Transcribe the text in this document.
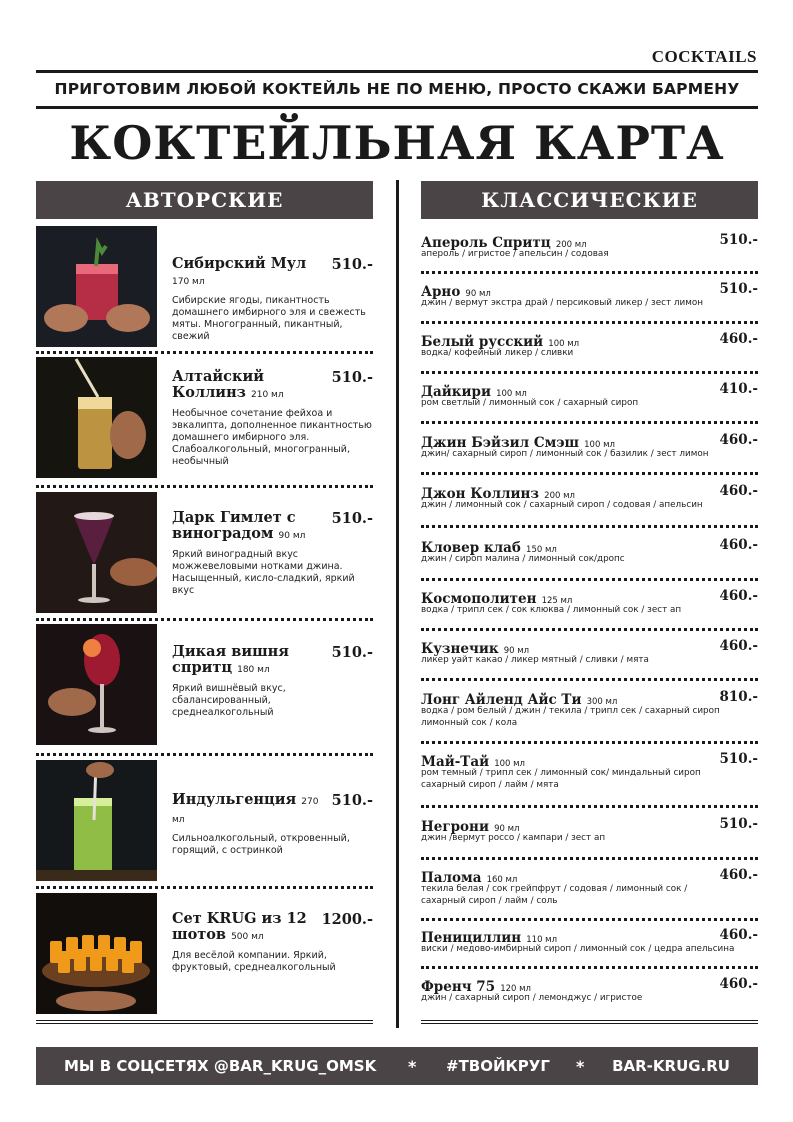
COCKTAILS
ПРИГОТОВИМ ЛЮБОЙ КОКТЕЙЛЬ НЕ ПО МЕНЮ, ПРОСТО СКАЖИ БАРМЕНУ
КОКТЕЙЛЬНАЯ КАРТА
АВТОРСКИЕ	КЛАССИЧЕСКИЕ
Сибирский Мул 170 мл
510.-
Сибирские ягоды, пикантность домашнего имбирного эля и свежесть мяты. Многогранный, пикантный, свежий
Алтайский Коллинз 210 мл
510.-
Необычное сочетание фейхоа и эвкалипта, дополненное пикантностью домашнего имбирного эля. Слабоалкогольный, многогранный, необычный
Дарк Гимлет с виноградом 90 мл
510.-
Яркий виноградный вкус можжевеловыми нотками джина. Насыщенный, кисло-сладкий, яркий вкус
Дикая вишня спритц 180 мл
510.-
Яркий вишнёвый вкус, сбалансированный, среднеалкогольный
Индульгенция 270 мл
510.-
Сильноалкогольный, откровенный, горящий, с остринкой
Сет KRUG из 12 шотов 500 мл
1200.-
Для весёлой компании. Яркий, фруктовый, среднеалкогольный
Апероль Спритц 200 мл	510.-
апероль / игристое / апельсин / содовая
Арно 90 мл	510.-
джин / вермут экстра драй / персиковый ликер / зест лимон
Белый русский 100 мл	460.-
водка/ кофейный ликер / сливки
Дайкири 100 мл	410.-
ром светлый / лимонный сок / сахарный сироп
Джин Бэйзил Смэш 100 мл	460.-
джин/ сахарный сироп / лимонный сок / базилик / зест лимон
Джон Коллинз 200 мл	460.-
джин / лимонный сок / сахарный сироп / содовая / апельсин
Кловер клаб 150 мл	460.-
джин / сироп малина / лимонный сок/дропс
Космополитен 125 мл	460.-
водка / трипл сек / сок клюква / лимонный сок / зест ап
Кузнечик 90 мл	460.-
ликер уайт какао / ликер мятный / сливки / мята
Лонг Айленд Айс Ти 300 мл	810.-
водка / ром белый / джин / текила / трипл сек / сахарный сироп
лимонный сок / кола
Май-Тай 100 мл	510.-
ром темный / трипл сек / лимонный сок/ миндальный сироп
сахарный сироп / лайм / мята
Негрони 90 мл	510.-
джин /вермут россо / кампари / зест ап
Палома 160 мл	460.-
текила белая / сок грейпфрут / содовая / лимонный сок /
сахарный сироп / лайм / соль
Пенициллин 110 мл	460.-
виски / медово-имбирный сироп / лимонный сок / цедра апельсина
Френч 75 120 мл	460.-
джин / сахарный сироп / лемонджус / игристое
МЫ В СОЦСЕТЯХ @BAR_KRUG_OMSK * #ТВОЙКРУГ * BAR-KRUG.RU
